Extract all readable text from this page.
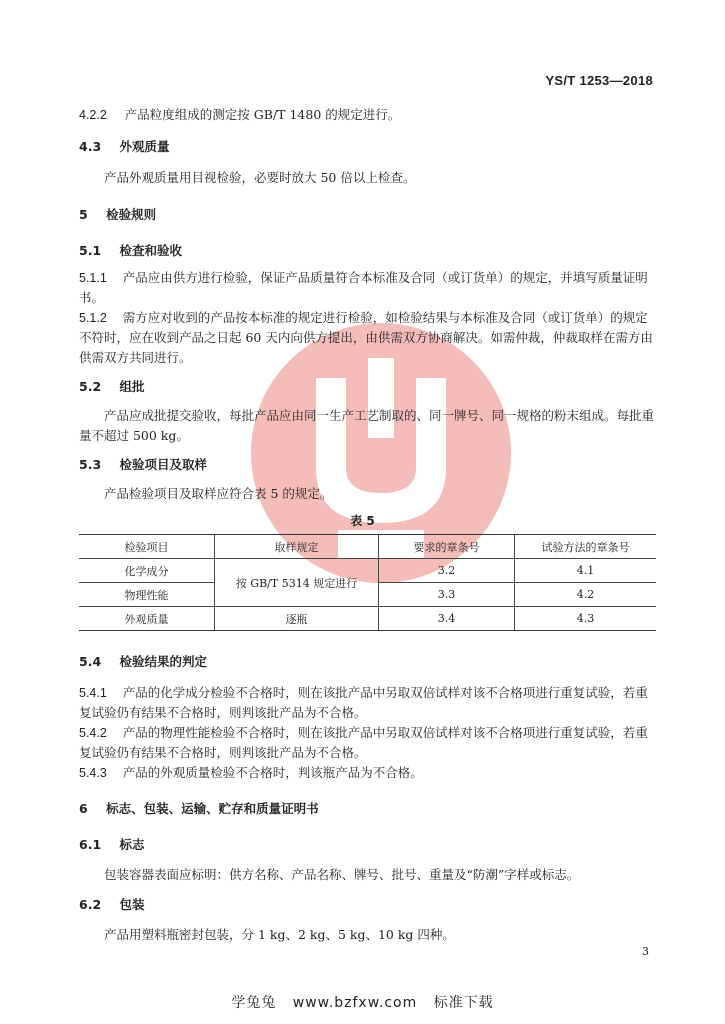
YS/T 1253—2018
4.2.2 产品粒度组成的测定按 GB/T 1480 的规定进行。
4.3 外观质量
产品外观质量用目视检验，必要时放大 50 倍以上检查。
5 检验规则
5.1 检查和验收
5.1.1 产品应由供方进行检验，保证产品质量符合本标准及合同（或订货单）的规定，并填写质量证明
书。
5.1.2 需方应对收到的产品按本标准的规定进行检验，如检验结果与本标准及合同（或订货单）的规定
不符时，应在收到产品之日起 60 天内向供方提出，由供需双方协商解决。如需仲裁，仲裁取样在需方由
供需双方共同进行。
5.2 组批
产品应成批提交验收，每批产品应由同一生产工艺制取的、同一牌号、同一规格的粉末组成。每批重
量不超过 500 kg。
5.3 检验项目及取样
产品检验项目及取样应符合表 5 的规定。
表 5
检验项目	取样规定	要求的章条号	试验方法的章条号
化学成分	按 GB/T 5314 规定进行	3.2	4.1
物理性能		3.3	4.2
外观质量	逐瓶	3.4	4.3
5.4 检验结果的判定
5.4.1 产品的化学成分检验不合格时，则在该批产品中另取双倍试样对该不合格项进行重复试验，若重
复试验仍有结果不合格时，则判该批产品为不合格。
5.4.2 产品的物理性能检验不合格时，则在该批产品中另取双倍试样对该不合格项进行重复试验，若重
复试验仍有结果不合格时，则判该批产品为不合格。
5.4.3 产品的外观质量检验不合格时，判该瓶产品为不合格。
6 标志、包装、运输、贮存和质量证明书
6.1 标志
包装容器表面应标明：供方名称、产品名称、牌号、批号、重量及“防潮”字样或标志。
6.2 包装
产品用塑料瓶密封包装，分 1 kg、2 kg、5 kg、10 kg 四种。
3
学兔兔   www.bzfxw.com   标准下载
